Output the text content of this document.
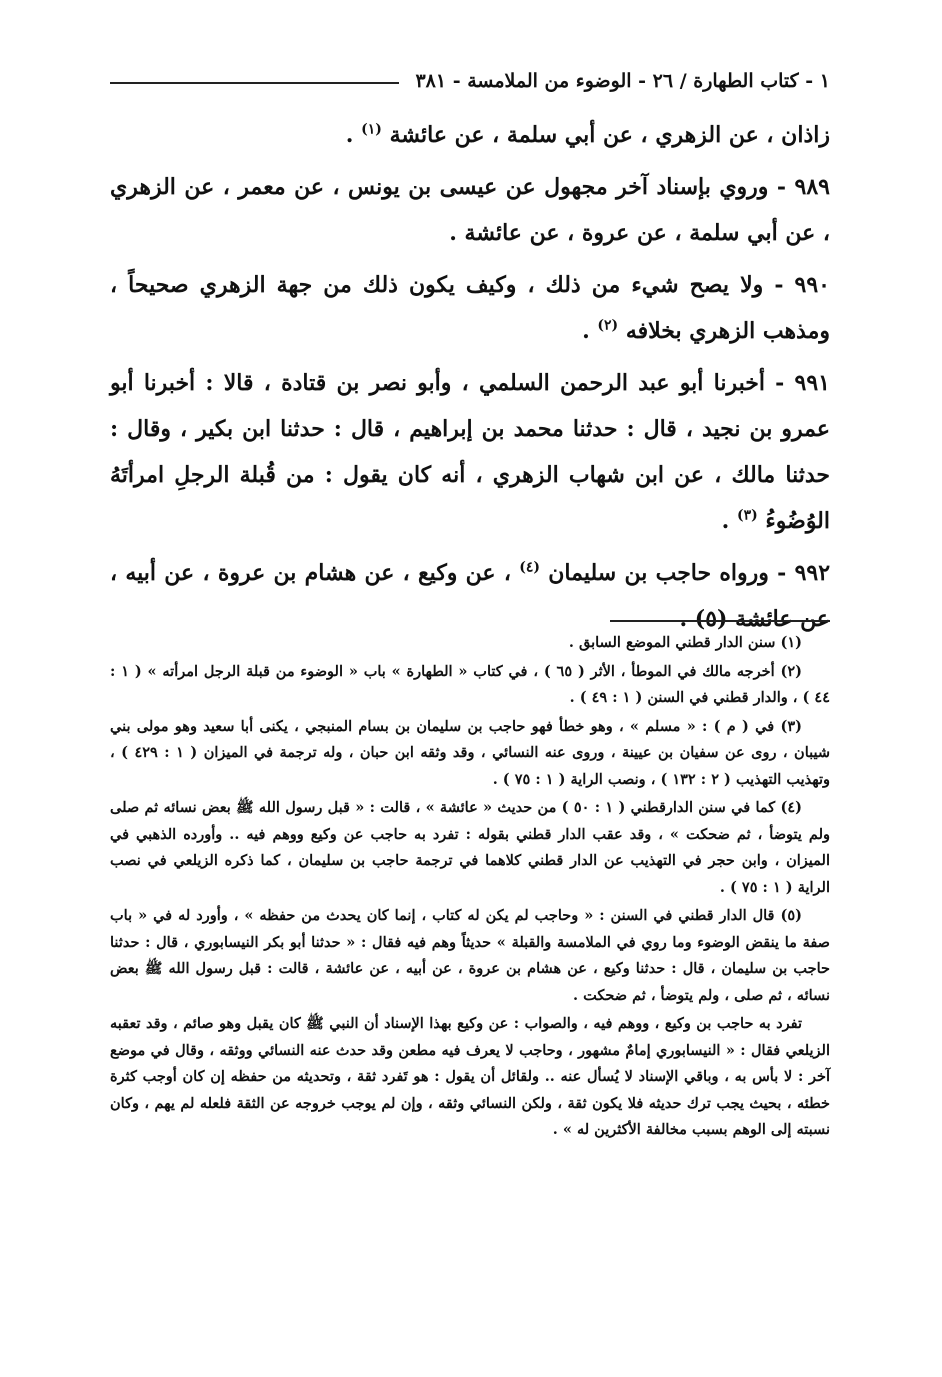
١ - كتاب الطهارة / ٢٦ - الوضوء من الملامسة - ٣٨١

زاذان ، عن الزهري ، عن أبي سلمة ، عن عائشة $^{(١)}$ .

٩٨٩ - وروي بإسناد آخر مجهول عن عيسى بن يونس ، عن معمر ، عن الزهري ، عن أبي سلمة ، عن عروة ، عن عائشة .

٩٩٠ - ولا يصح شيء من ذلك ، وكيف يكون ذلك من جهة الزهري صحيحاً ، ومذهب الزهري بخلافه $^{(٢)}$ .

٩٩١ - أخبرنا أبو عبد الرحمن السلمي ، وأبو نصر بن قتادة ، قالا : أخبرنا أبو عمرو بن نجيد ، قال : حدثنا محمد بن إبراهيم ، قال : حدثنا ابن بكير ، وقال : حدثنا مالك ، عن ابن شهاب الزهري ، أنه كان يقول : من قُبلة الرجلِ امرأتَهُ الوُضُوءُ $^{(٣)}$ .

٩٩٢ - ورواه حاجب بن سليمان $^{(٤)}$ ، عن وكيع ، عن هشام بن عروة ، عن أبيه ، عن عائشة (٥) .

(١) سنن الدار قطني الموضع السابق .

(٢) أخرجه مالك في الموطأ ، الأثر ( ٦٥ ) ، في كتاب « الطهارة » باب « الوضوء من قبلة الرجل امرأته » ( ١ : ٤٤ ) ، والدار قطني في السنن ( ١ : ٤٩ ) .

(٣) في ( م ) : « مسلم » ، وهو خطأ فهو حاجب بن سليمان بن بسام المنبجي ، يكنى أبا سعيد وهو مولى بني شيبان ، روى عن سفيان بن عيينة ، وروى عنه النسائي ، وقد وثقه ابن حبان ، وله ترجمة في الميزان ( ١ : ٤٢٩ ) ، وتهذيب التهذيب ( ٢ : ١٣٢ ) ، ونصب الراية ( ١ : ٧٥ ) .

(٤) كما في سنن الدارقطني ( ١ : ٥٠ ) من حديث « عائشة » ، قالت : « قبل رسول الله ﷺ بعض نسائه ثم صلى ولم يتوضأ ، ثم ضحكت » ، وقد عقب الدار قطني بقوله : تفرد به حاجب عن وكيع ووهم فيه .. وأورده الذهبي في الميزان ، وابن حجر في التهذيب عن الدار قطني كلاهما في ترجمة حاجب بن سليمان ، كما ذكره الزيلعي في نصب الراية ( ١ : ٧٥ ) .

(٥) قال الدار قطني في السنن : « وحاجب لم يكن له كتاب ، إنما كان يحدث من حفظه » ، وأورد له في « باب صفة ما ينقض الوضوء وما روي في الملامسة والقبلة » حديثاً وهم فيه فقال : « حدثنا أبو بكر النيسابوري ، قال : حدثنا حاجب بن سليمان ، قال : حدثنا وكيع ، عن هشام بن عروة ، عن أبيه ، عن عائشة ، قالت : قبل رسول الله ﷺ بعض نسائه ، ثم صلى ، ولم يتوضأ ، ثم ضحكت .

تفرد به حاجب بن وكيع ، ووهم فيه ، والصواب : عن وكيع بهذا الإسناد أن النبي ﷺ كان يقبل وهو صائم ، وقد تعقبه الزيلعي فقال : « النيسابوري إمامٌ مشهور ، وحاجب لا يعرف فيه مطعن وقد حدث عنه النسائي ووثقه ، وقال في موضع آخر : لا بأس به ، وباقي الإسناد لا يُسأل عنه .. ولقائل أن يقول : هو تَفرد ثقة ، وتحديثه من حفظه إن كان أوجب كثرة خطئه ، بحيث يجب ترك حديثه فلا يكون ثقة ، ولكن النسائي وثقه ، وإن لم يوجب خروجه عن الثقة فلعله لم يهم ، وكان نسبته إلى الوهم بسبب مخالفة الأكثرين له » .
